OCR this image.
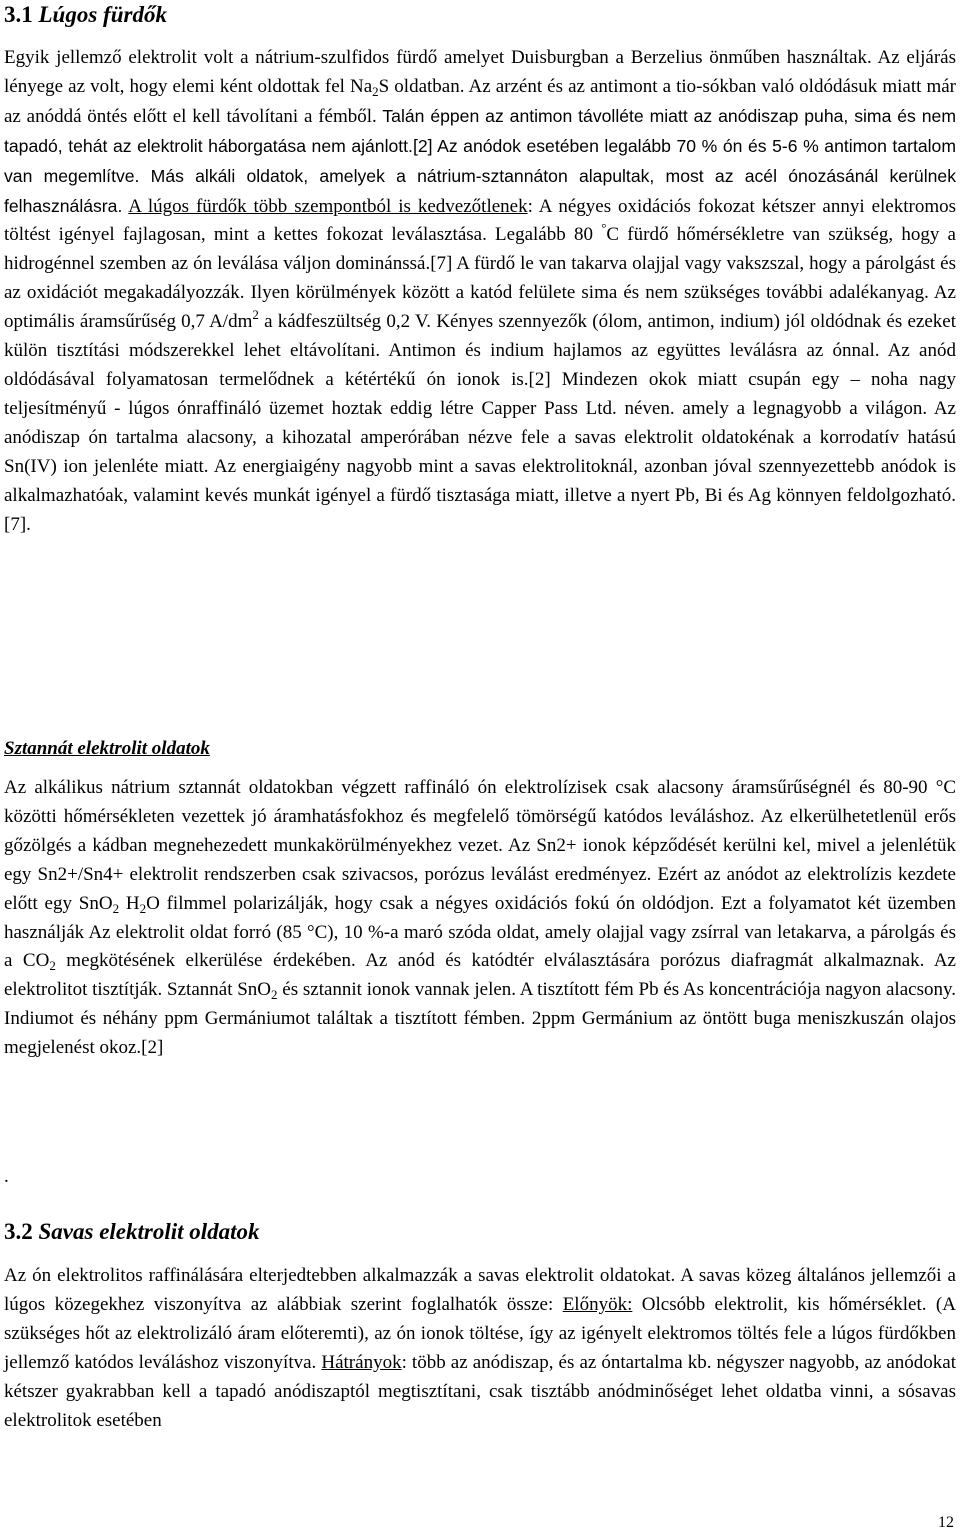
3.1 Lúgos fürdők

Egyik jellemző elektrolit volt a nátrium-szulfidos fürdő amelyet Duisburgban a Berzelius önműben használtak. Az eljárás lényege az volt, hogy elemi ként oldottak fel $Na_2S$ oldatban. Az arzént és az antimont a tio-sókban való oldódásuk miatt már az anóddá öntés előtt el kell távolítani a fémből. Talán éppen az antimon távolléte miatt az anódiszap puha, sima és nem tapadó, tehát az elektrolit háborgatása nem ajánlott.[2] Az anódok esetében legalább 70 % ón és 5-6 % antimon tartalom van megemlítve. Más alkáli oldatok, amelyek a nátrium-sztannáton alapultak, most az acél ónozásánál kerülnek felhasználásra. A lúgos fürdők több szempontból is kedvezőtlenek: A négyes oxidációs fokozat kétszer annyi elektromos töltést igényel fajlagosan, mint a kettes fokozat leválasztása. Legalább 80 °C fürdő hőmérsékletre van szükség, hogy a hidrogénnel szemben az ón leválása váljon dominánssá.[7] A fürdő le van takarva olajjal vagy vakszszal, hogy a párolgást és az oxidációt megakadályozzák. Ilyen körülmények között a katód felülete sima és nem szükséges további adalékanyag. Az optimális áramsűrűség 0,7 $A/dm^2$ a kádfeszültség 0,2 V. Kényes szennyezők (ólom, antimon, indium) jól oldódnak és ezeket külön tisztítási módszerekkel lehet eltávolítani. Antimon és indium hajlamos az együttes leválásra az ónnal. Az anód oldódásával folyamatosan termelődnek a kétértékű ón ionok is.[2] Mindezen okok miatt csupán egy – noha nagy teljesítményű - lúgos ónraffináló üzemet hoztak eddig létre Capper Pass Ltd. néven. amely a legnagyobb a világon. Az anódiszap ón tartalma alacsony, a kihozatal amperórában nézve fele a savas elektrolit oldatokénak a korrodatív hatású Sn(IV) ion jelenléte miatt. Az energiaigény nagyobb mint a savas elektrolitoknál, azonban jóval szennyezettebb anódok is alkalmazhatóak, valamint kevés munkát igényel a fürdő tisztasága miatt, illetve a nyert Pb, Bi és Ag könnyen feldolgozható. [7].

Sztannát elektrolit oldatok

Az alkálikus nátrium sztannát oldatokban végzett raffináló ón elektrolízisek csak alacsony áramsűrűségnél és 80-90 °C közötti hőmérsékleten vezettek jó áramhatásfokhoz és megfelelő tömörségű katódos leváláshoz. Az elkerülhetetlenül erős gőzölgés a kádban megnehezedett munkakörülményekhez vezet. Az Sn2+ ionok képződését kerülni kel, mivel a jelenlétük egy Sn2+/Sn4+ elektrolit rendszerben csak szivacsos, porózus leválást eredményez. Ezért az anódot az elektrolízis kezdete előtt egy SnO$_2$ $H_2O$ filmmel polarizálják, hogy csak a négyes oxidációs fokú ón oldódjon. Ezt a folyamatot két üzemben használják Az elektrolit oldat forró (85 °C), 10 %-a maró szóda oldat, amely olajjal vagy zsírral van letakarva, a párolgás és a $CO_2$ megkötésének elkerülése érdekében. Az anód és katódtér elválasztására porózus diafragmát alkalmaznak. Az elektrolitot tisztítják. Sztannát SnO$_2$ és sztannit ionok vannak jelen. A tisztított fém Pb és As koncentrációja nagyon alacsony. Indiumot és néhány ppm Germániumot találtak a tisztított fémben. 2ppm Germánium az öntött buga meniszkuszán olajos megjelenést okoz.[2]

.

3.2 Savas elektrolit oldatok

Az ón elektrolitos raffinálására elterjedtebben alkalmazzák a savas elektrolit oldatokat. A savas közeg általános jellemzői a lúgos közegekhez viszonyítva az alábbiak szerint foglalhatók össze: Előnyök: Olcsóbb elektrolit, kis hőmérséklet. (A szükséges hőt az elektrolizáló áram előteremti), az ón ionok töltése, így az igényelt elektromos töltés fele a lúgos fürdőkben jellemző katódos leváláshoz viszonyítva. Hátrányok: több az anódiszap, és az óntartalma kb. négyszer nagyobb, az anódokat kétszer gyakrabban kell a tapadó anódiszaptól megtisztítani, csak tisztább anódminőséget lehet oldatba vinni, a sósavas elektrolitok esetében

12
